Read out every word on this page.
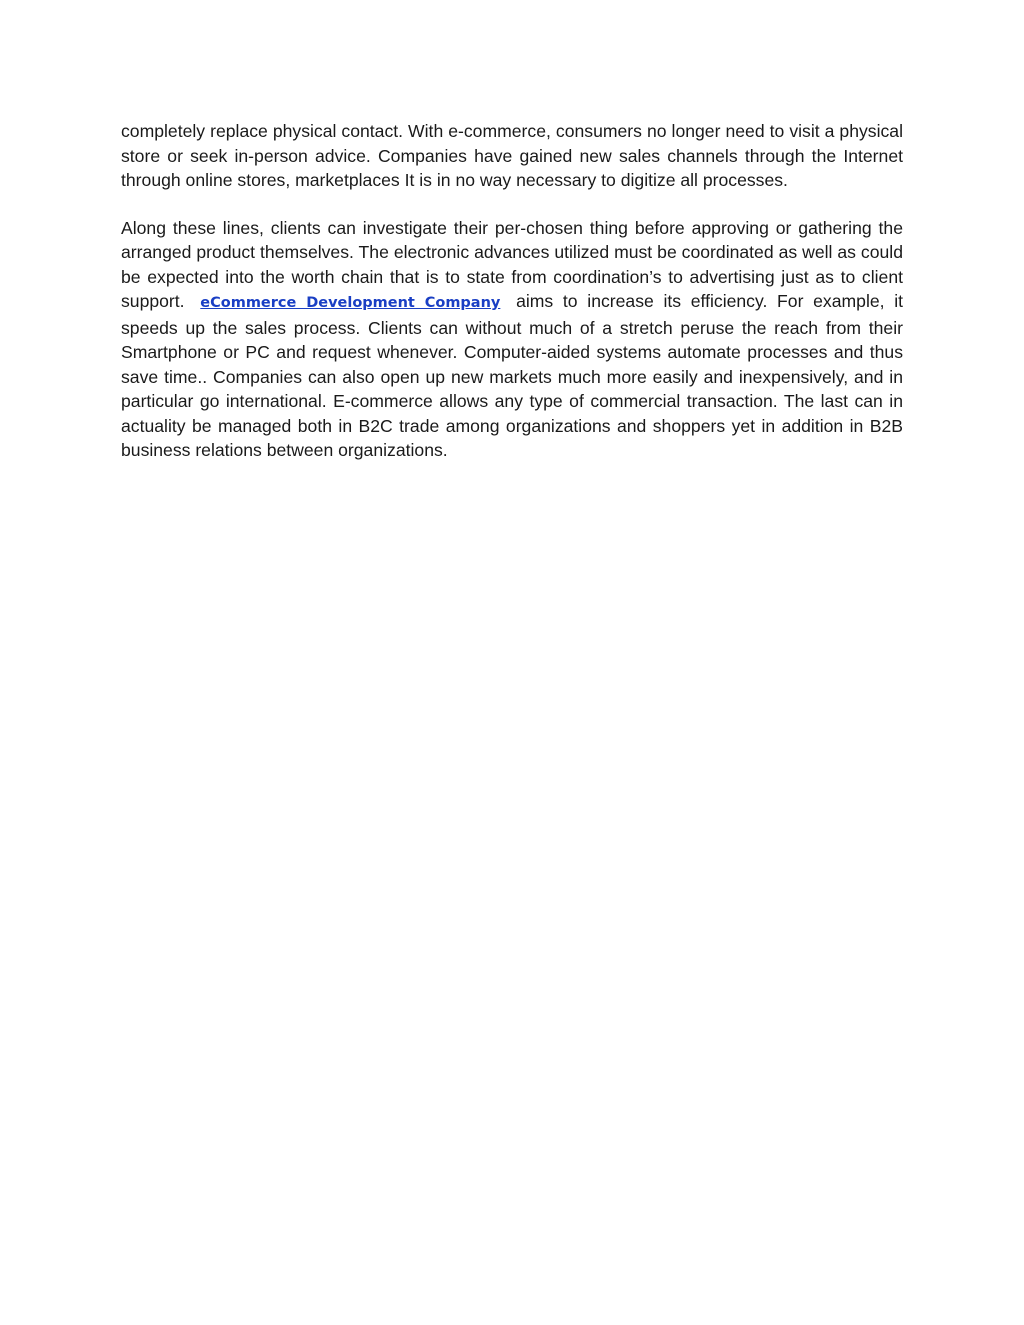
completely replace physical contact. With e-commerce, consumers no longer need to visit a physical store or seek in-person advice. Companies have gained new sales channels through the Internet through online stores, marketplaces It is in no way necessary to digitize all processes.

Along these lines, clients can investigate their per-chosen thing before approving or gathering the arranged product themselves. The electronic advances utilized must be coordinated as well as could be expected into the worth chain that is to state from coordination’s to advertising just as to client support. eCommerce Development Company aims to increase its efficiency. For example, it speeds up the sales process. Clients can without much of a stretch peruse the reach from their Smartphone or PC and request whenever. Computer-aided systems automate processes and thus save time.. Companies can also open up new markets much more easily and inexpensively, and in particular go international. E-commerce allows any type of commercial transaction. The last can in actuality be managed both in B2C trade among organizations and shoppers yet in addition in B2B business relations between organizations.
